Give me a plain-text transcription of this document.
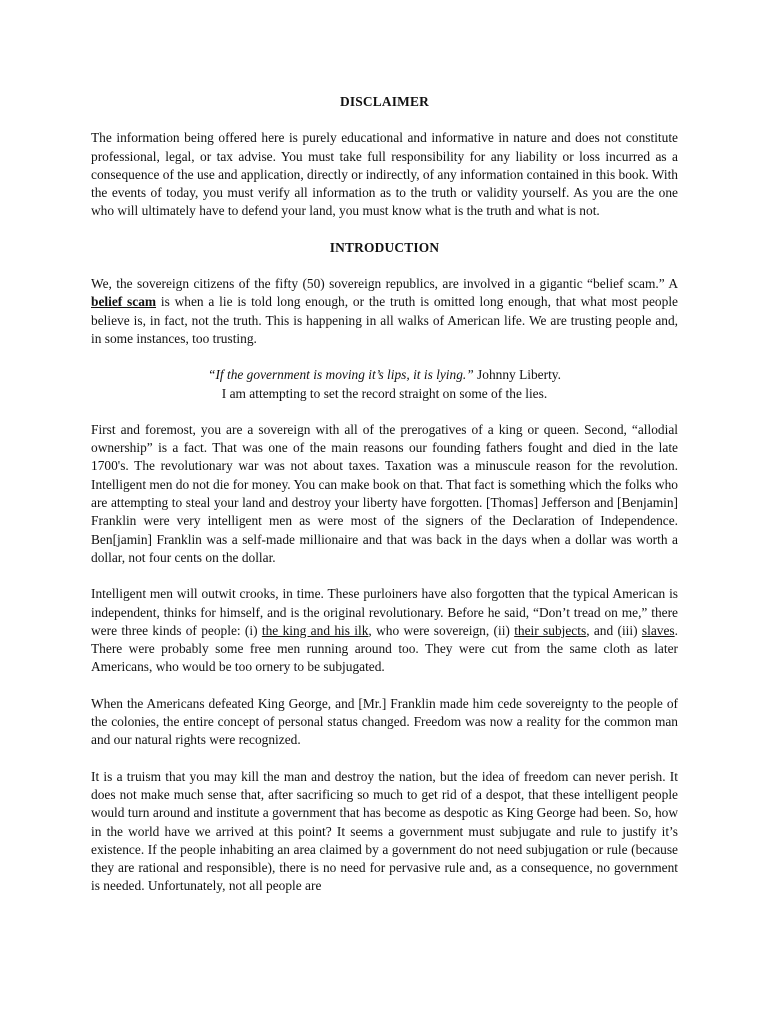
DISCLAIMER

The information being offered here is purely educational and informative in nature and does not constitute professional, legal, or tax advise. You must take full responsibility for any liability or loss incurred as a consequence of the use and application, directly or indirectly, of any information contained in this book. With the events of today, you must verify all information as to the truth or validity yourself. As you are the one who will ultimately have to defend your land, you must know what is the truth and what is not.

INTRODUCTION

We, the sovereign citizens of the fifty (50) sovereign republics, are involved in a gigantic “belief scam.” A belief scam is when a lie is told long enough, or the truth is omitted long enough, that what most people believe is, in fact, not the truth. This is happening in all walks of American life. We are trusting people and, in some instances, too trusting.

“If the government is moving it’s lips, it is lying.” Johnny Liberty.
I am attempting to set the record straight on some of the lies.

First and foremost, you are a sovereign with all of the prerogatives of a king or queen. Second, “allodial ownership” is a fact. That was one of the main reasons our founding fathers fought and died in the late 1700's. The revolutionary war was not about taxes. Taxation was a minuscule reason for the revolution. Intelligent men do not die for money. You can make book on that. That fact is something which the folks who are attempting to steal your land and destroy your liberty have forgotten. [Thomas] Jefferson and [Benjamin] Franklin were very intelligent men as were most of the signers of the Declaration of Independence. Ben[jamin] Franklin was a self-made millionaire and that was back in the days when a dollar was worth a dollar, not four cents on the dollar.

Intelligent men will outwit crooks, in time. These purloiners have also forgotten that the typical American is independent, thinks for himself, and is the original revolutionary. Before he said, “Don’t tread on me,” there were three kinds of people: (i) the king and his ilk, who were sovereign, (ii) their subjects, and (iii) slaves. There were probably some free men running around too. They were cut from the same cloth as later Americans, who would be too ornery to be subjugated.

When the Americans defeated King George, and [Mr.] Franklin made him cede sovereignty to the people of the colonies, the entire concept of personal status changed. Freedom was now a reality for the common man and our natural rights were recognized.

It is a truism that you may kill the man and destroy the nation, but the idea of freedom can never perish. It does not make much sense that, after sacrificing so much to get rid of a despot, that these intelligent people would turn around and institute a government that has become as despotic as King George had been. So, how in the world have we arrived at this point? It seems a government must subjugate and rule to justify it’s existence. If the people inhabiting an area claimed by a government do not need subjugation or rule (because they are rational and responsible), there is no need for pervasive rule and, as a consequence, no government is needed. Unfortunately, not all people are
